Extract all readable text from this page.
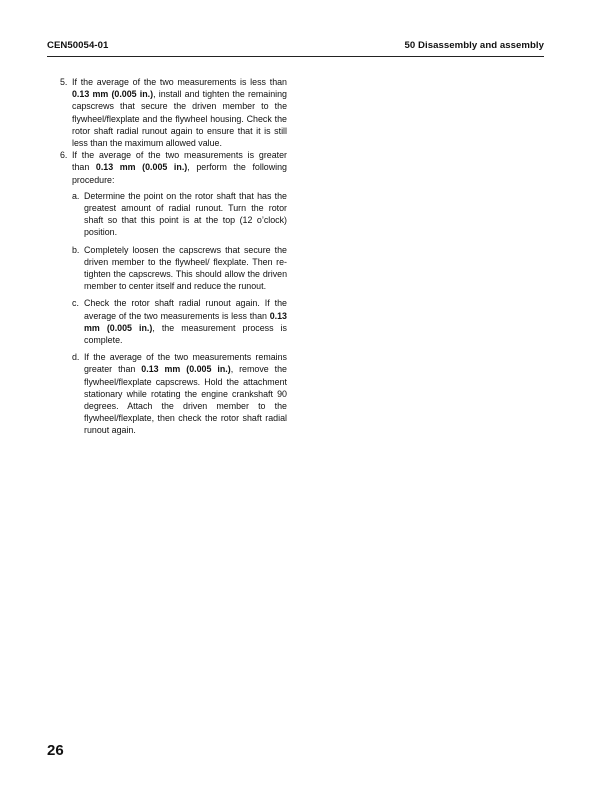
CEN50054-01	50 Disassembly and assembly
5. If the average of the two measurements is less than 0.13 mm (0.005 in.), install and tighten the remaining capscrews that secure the driven member to the flywheel/flexplate and the flywheel housing. Check the rotor shaft radial runout again to ensure that it is still less than the maximum allowed value.
6. If the average of the two measurements is greater than 0.13 mm (0.005 in.), perform the following procedure:
a. Determine the point on the rotor shaft that has the greatest amount of radial runout. Turn the rotor shaft so that this point is at the top (12 o’clock) position.
b. Completely loosen the capscrews that secure the driven member to the flywheel/ flexplate. Then re-tighten the capscrews. This should allow the driven member to center itself and reduce the runout.
c. Check the rotor shaft radial runout again. If the average of the two measurements is less than 0.13 mm (0.005 in.), the measurement process is complete.
d. If the average of the two measurements remains greater than 0.13 mm (0.005 in.), remove the flywheel/flexplate capscrews. Hold the attachment stationary while rotating the engine crankshaft 90 degrees. Attach the driven member to the flywheel/flexplate, then check the rotor shaft radial runout again.
26
